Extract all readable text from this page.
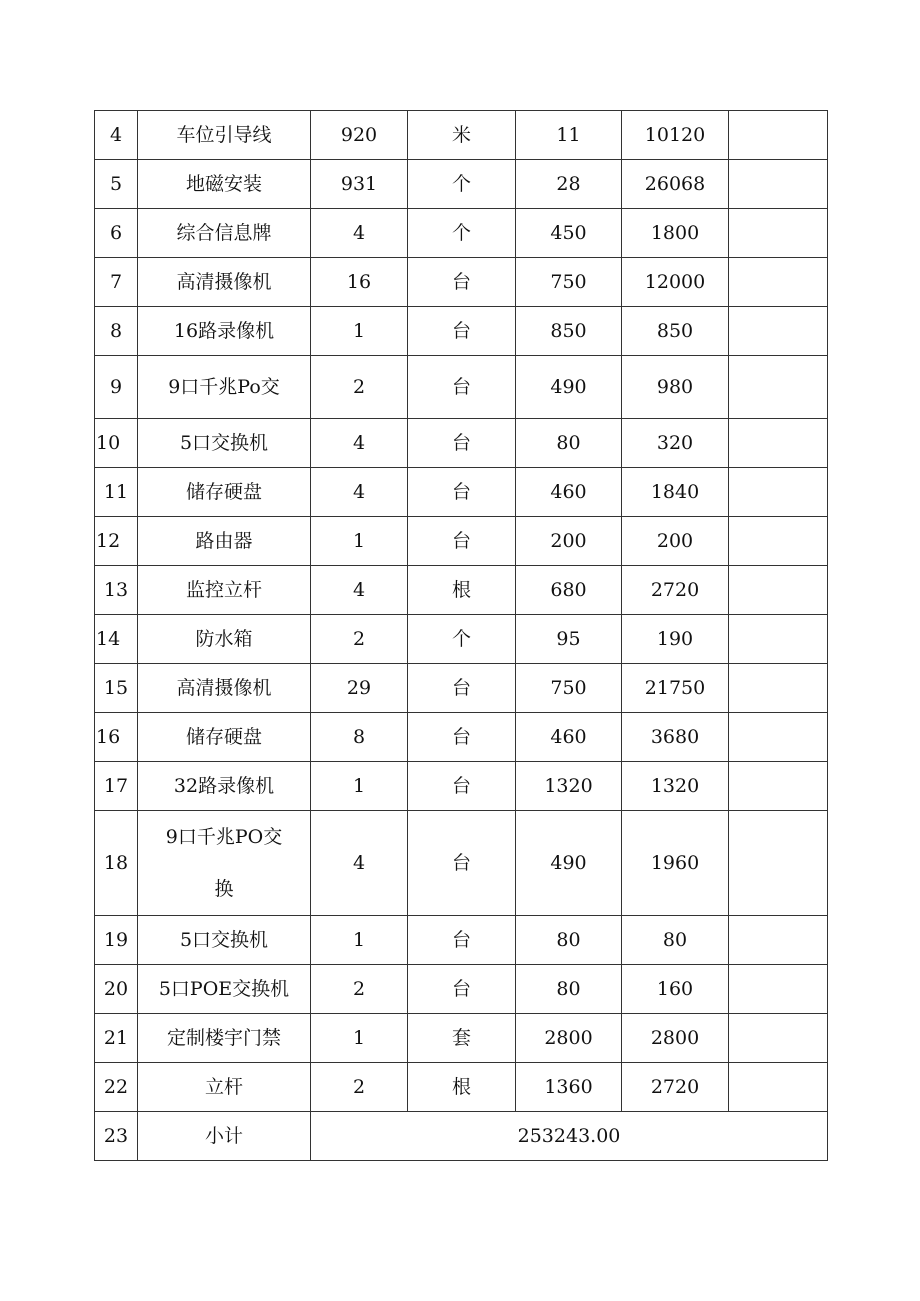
4	车位引导线	920	米	11	10120	
5	地磁安装	931	个	28	26068	
6	综合信息牌	4	个	450	1800	
7	高清摄像机	16	台	750	12000	
8	16路录像机	1	台	850	850	
9	9口千兆Po交	2	台	490	980	
10	5口交换机	4	台	80	320	
11	储存硬盘	4	台	460	1840	
12	路由器	1	台	200	200	
13	监控立杆	4	根	680	2720	
14	防水箱	2	个	95	190	
15	高清摄像机	29	台	750	21750	
16	储存硬盘	8	台	460	3680	
17	32路录像机	1	台	1320	1320	
18	9口千兆PO交换	4	台	490	1960	
19	5口交换机	1	台	80	80	
20	5口POE交换机	2	台	80	160	
21	定制楼宇门禁	1	套	2800	2800	
22	立杆	2	根	1360	2720	
23	小计	253243.00				
